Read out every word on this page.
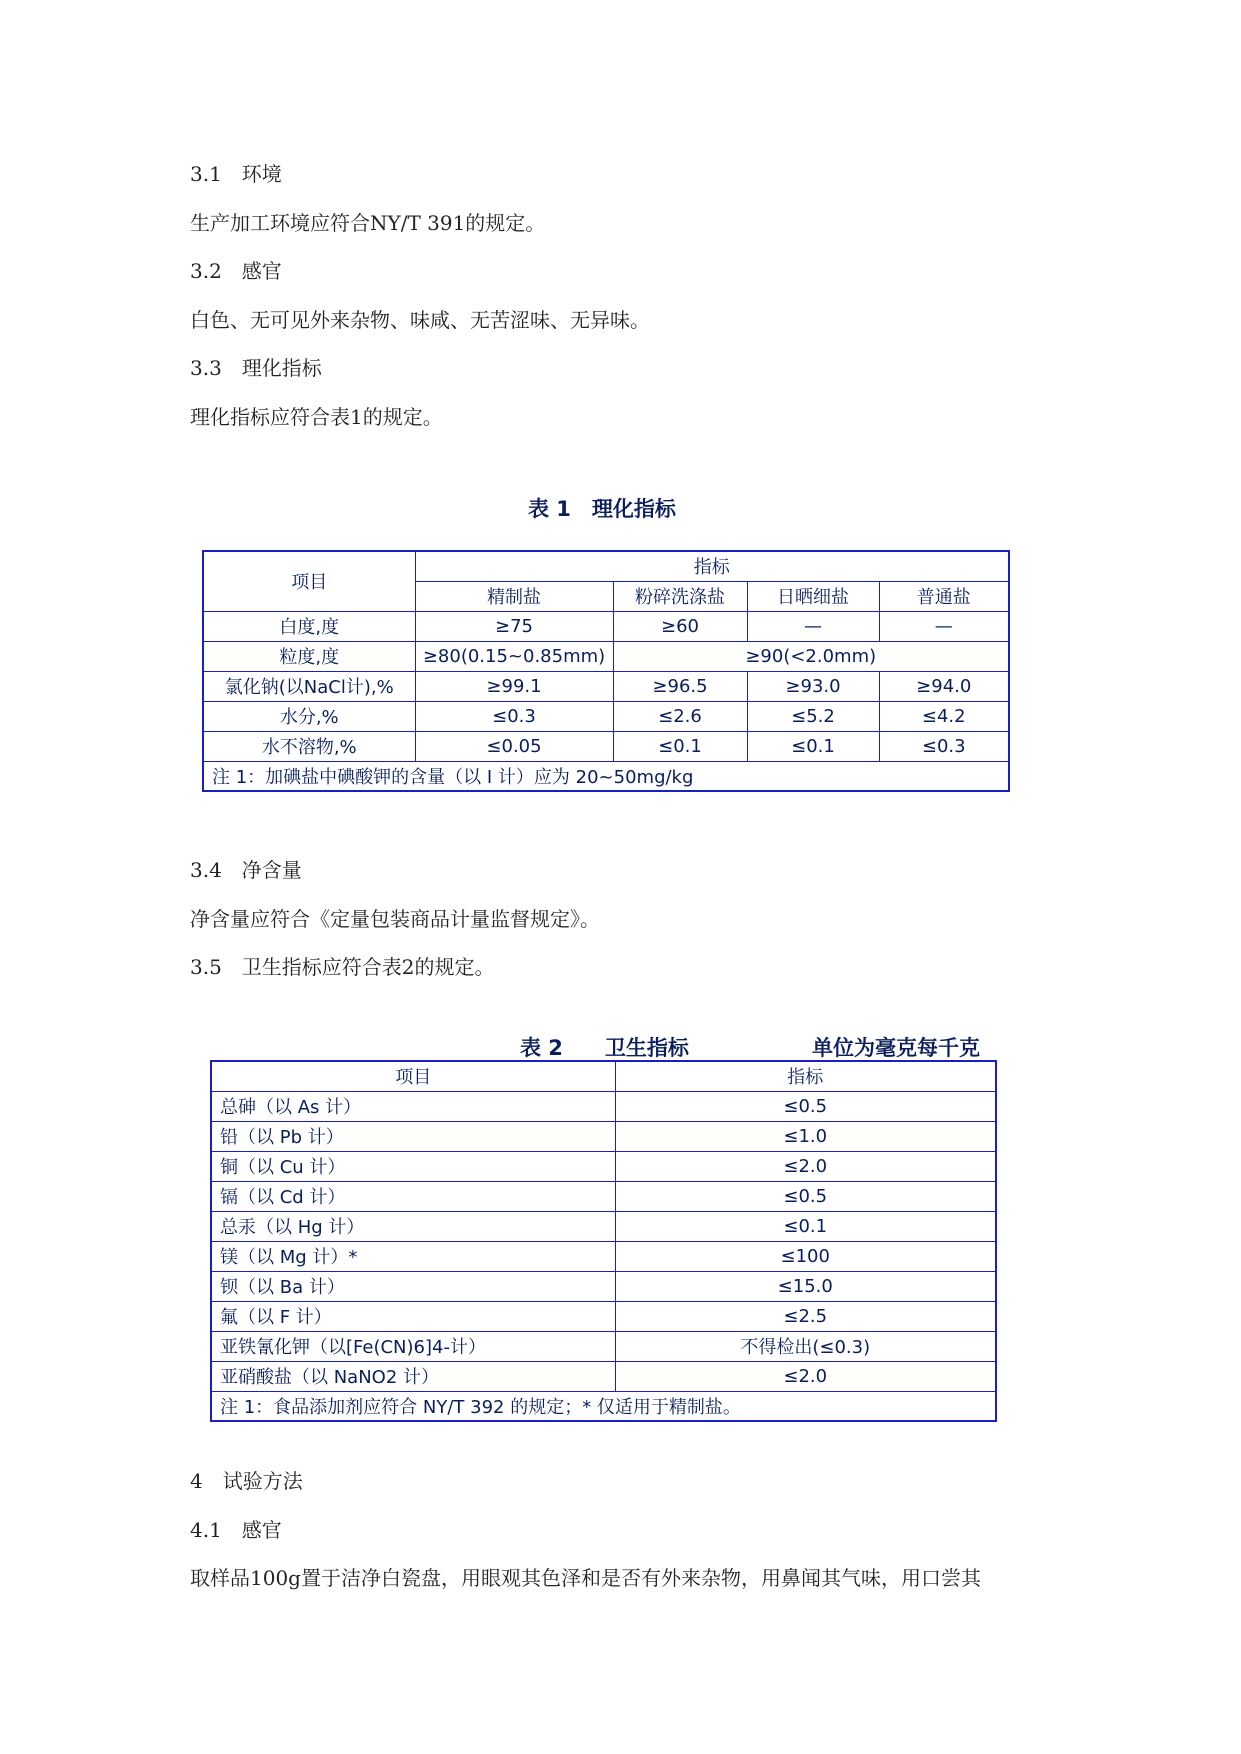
3.1　环境
生产加工环境应符合NY/T 391的规定。
3.2　感官
白色、无可见外来杂物、味咸、无苦涩味、无异味。
3.3　理化指标
理化指标应符合表1的规定。
表 1　理化指标
项目	指标			
	精制盐	粉碎洗涤盐	日晒细盐	普通盐
白度,度	≥75	≥60	—	—
粒度,度	≥80(0.15~0.85mm)	≥90(<2.0mm)		
氯化钠(以NaCl计),%	≥99.1	≥96.5	≥93.0	≥94.0
水分,%	≤0.3	≤2.6	≤5.2	≤4.2
水不溶物,%	≤0.05	≤0.1	≤0.1	≤0.3
注 1：加碘盐中碘酸钾的含量（以 I 计）应为 20~50mg/kg				
3.4　净含量
净含量应符合《定量包装商品计量监督规定》。
3.5　卫生指标应符合表2的规定。
表 2　　卫生指标	单位为毫克每千克
项目	指标
总砷（以 As 计）	≤0.5
铅（以 Pb 计）	≤1.0
铜（以 Cu 计）	≤2.0
镉（以 Cd 计）	≤0.5
总汞（以 Hg 计）	≤0.1
镁（以 Mg 计）*	≤100
钡（以 Ba 计）	≤15.0
氟（以 F 计）	≤2.5
亚铁氰化钾（以[Fe(CN)6]4-计）	不得检出(≤0.3)
亚硝酸盐（以 NaNO2 计）	≤2.0
注 1：食品添加剂应符合 NY/T 392 的规定；* 仅适用于精制盐。	
4　试验方法
4.1　感官
取样品100g置于洁净白瓷盘，用眼观其色泽和是否有外来杂物，用鼻闻其气味，用口尝其
